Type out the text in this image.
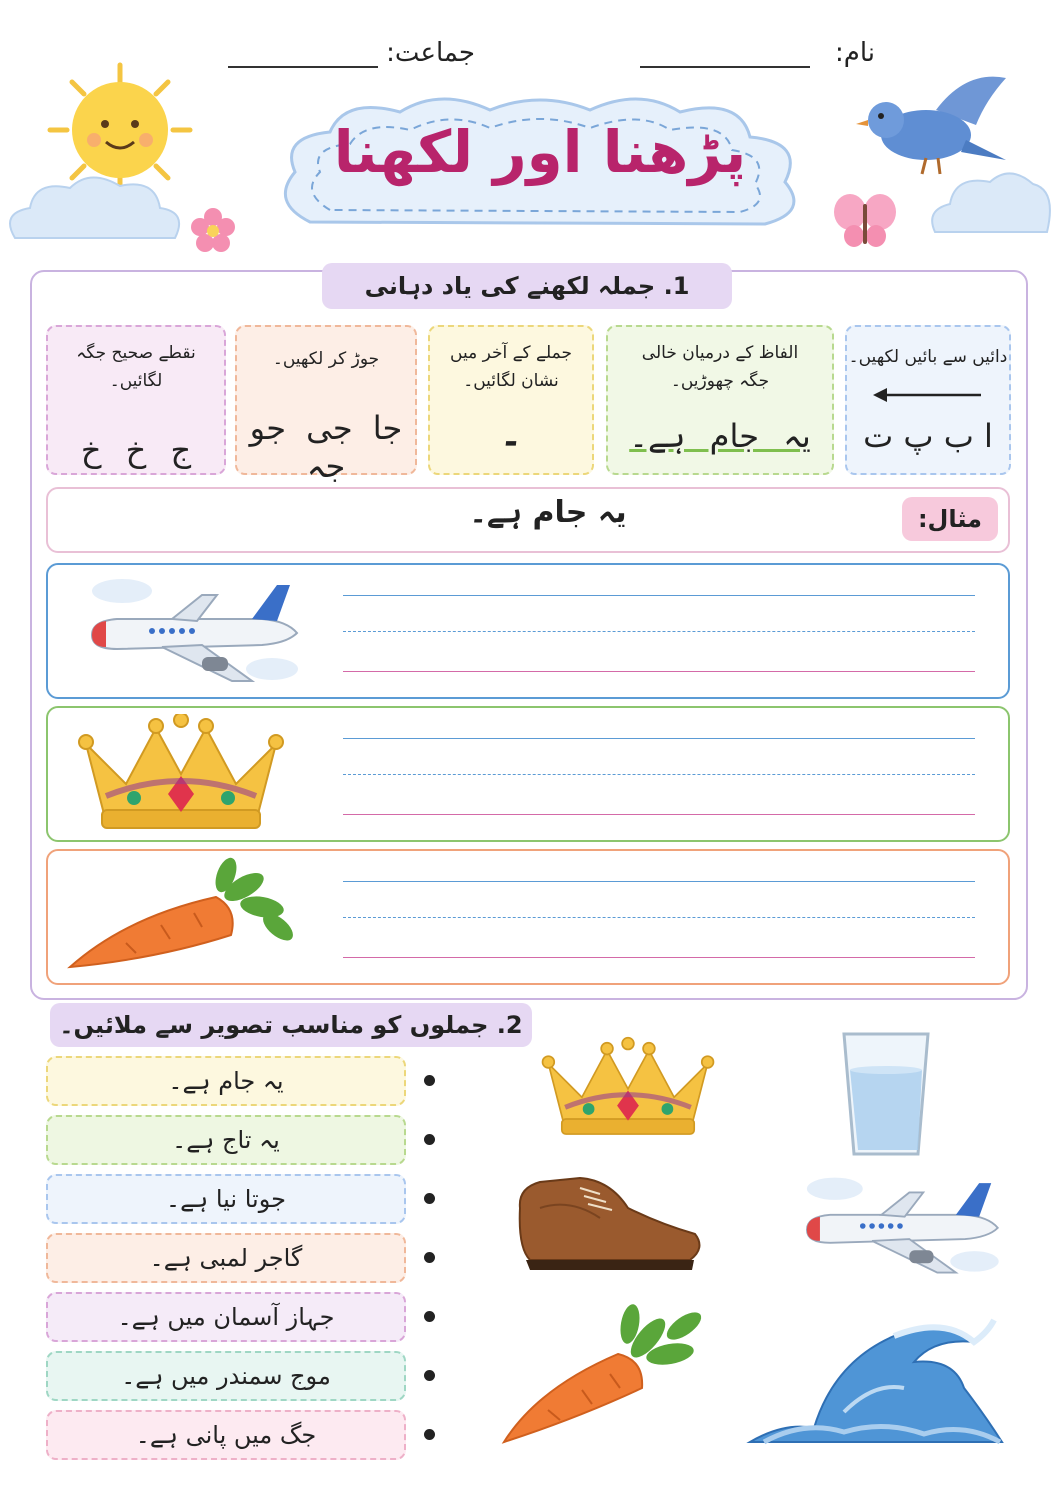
جماعت:	نام:
پڑھنا اور لکھنا
1. جملہ لکھنے کی یاد دہانی
دائیں سے بائیں لکھیں۔
ا ب پ ت
الفاظ کے درمیان خالی جگہ چھوڑیں۔
یہ جام ہے۔
جملے کے آخر میں نشان لگائیں۔
۔
جوڑ کر لکھیں۔
جا جی جو جہ
نقطے صحیح جگہ لگائیں۔
ج خ خ
مثال:
یہ جام ہے۔
2. جملوں کو مناسب تصویر سے ملائیں۔
یہ جام ہے۔
یہ تاج ہے۔
جوتا نیا ہے۔
گاجر لمبی ہے۔
جہاز آسمان میں ہے۔
موج سمندر میں ہے۔
جگ میں پانی ہے۔
